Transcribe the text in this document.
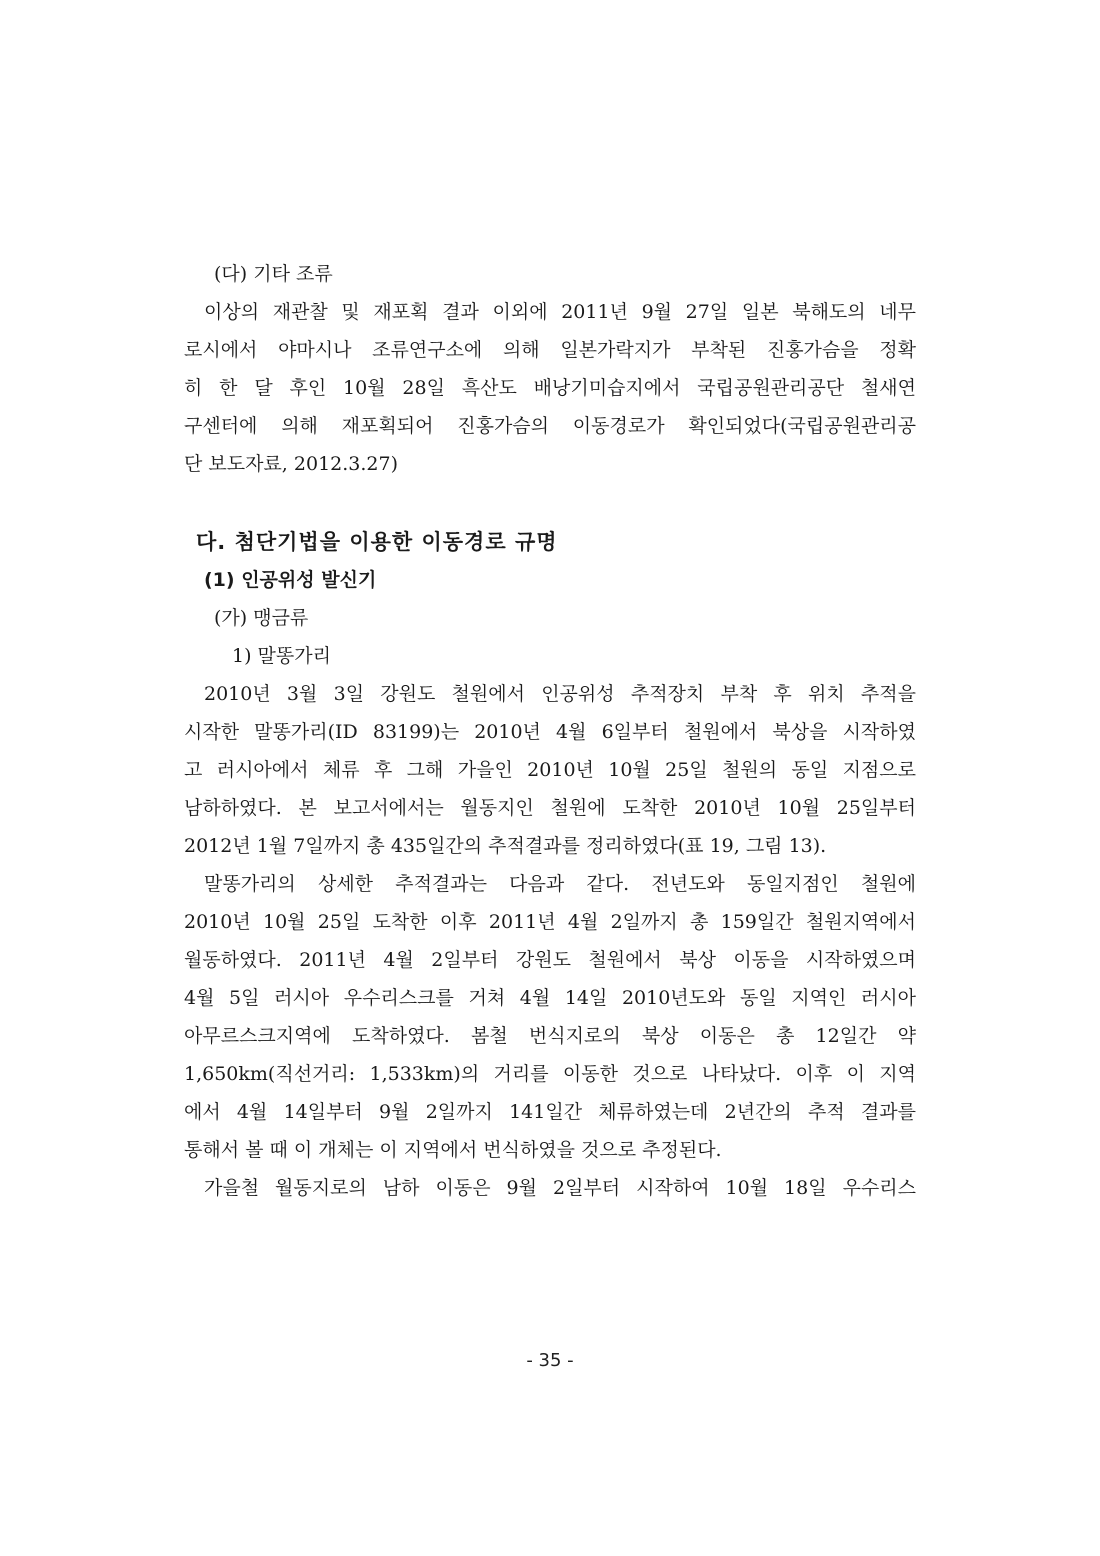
(다) 기타 조류
이상의 재관찰 및 재포획 결과 이외에 2011년 9월 27일 일본 북해도의 네무
로시에서 야마시나 조류연구소에 의해 일본가락지가 부착된 진홍가슴을 정확
히 한 달 후인 10월 28일 흑산도 배낭기미습지에서 국립공원관리공단 철새연
구센터에 의해 재포획되어 진홍가슴의 이동경로가 확인되었다(국립공원관리공
단 보도자료, 2012.3.27)
다. 첨단기법을 이용한 이동경로 규명
(1) 인공위성 발신기
(가) 맹금류
1) 말똥가리
2010년 3월 3일 강원도 철원에서 인공위성 추적장치 부착 후 위치 추적을
시작한 말똥가리(ID 83199)는 2010년 4월 6일부터 철원에서 북상을 시작하였
고 러시아에서 체류 후 그해 가을인 2010년 10월 25일 철원의 동일 지점으로
남하하였다. 본 보고서에서는 월동지인 철원에 도착한 2010년 10월 25일부터
2012년 1월 7일까지 총 435일간의 추적결과를 정리하였다(표 19, 그림 13).
말똥가리의 상세한 추적결과는 다음과 같다. 전년도와 동일지점인 철원에
2010년 10월 25일 도착한 이후 2011년 4월 2일까지 총 159일간 철원지역에서
월동하였다. 2011년 4월 2일부터 강원도 철원에서 북상 이동을 시작하였으며
4월 5일 러시아 우수리스크를 거쳐 4월 14일 2010년도와 동일 지역인 러시아
아무르스크지역에 도착하였다. 봄철 번식지로의 북상 이동은 총 12일간 약
1,650km(직선거리: 1,533km)의 거리를 이동한 것으로 나타났다. 이후 이 지역
에서 4월 14일부터 9월 2일까지 141일간 체류하였는데 2년간의 추적 결과를
통해서 볼 때 이 개체는 이 지역에서 번식하였을 것으로 추정된다.
가을철 월동지로의 남하 이동은 9월 2일부터 시작하여 10월 18일 우수리스
- 35 -
